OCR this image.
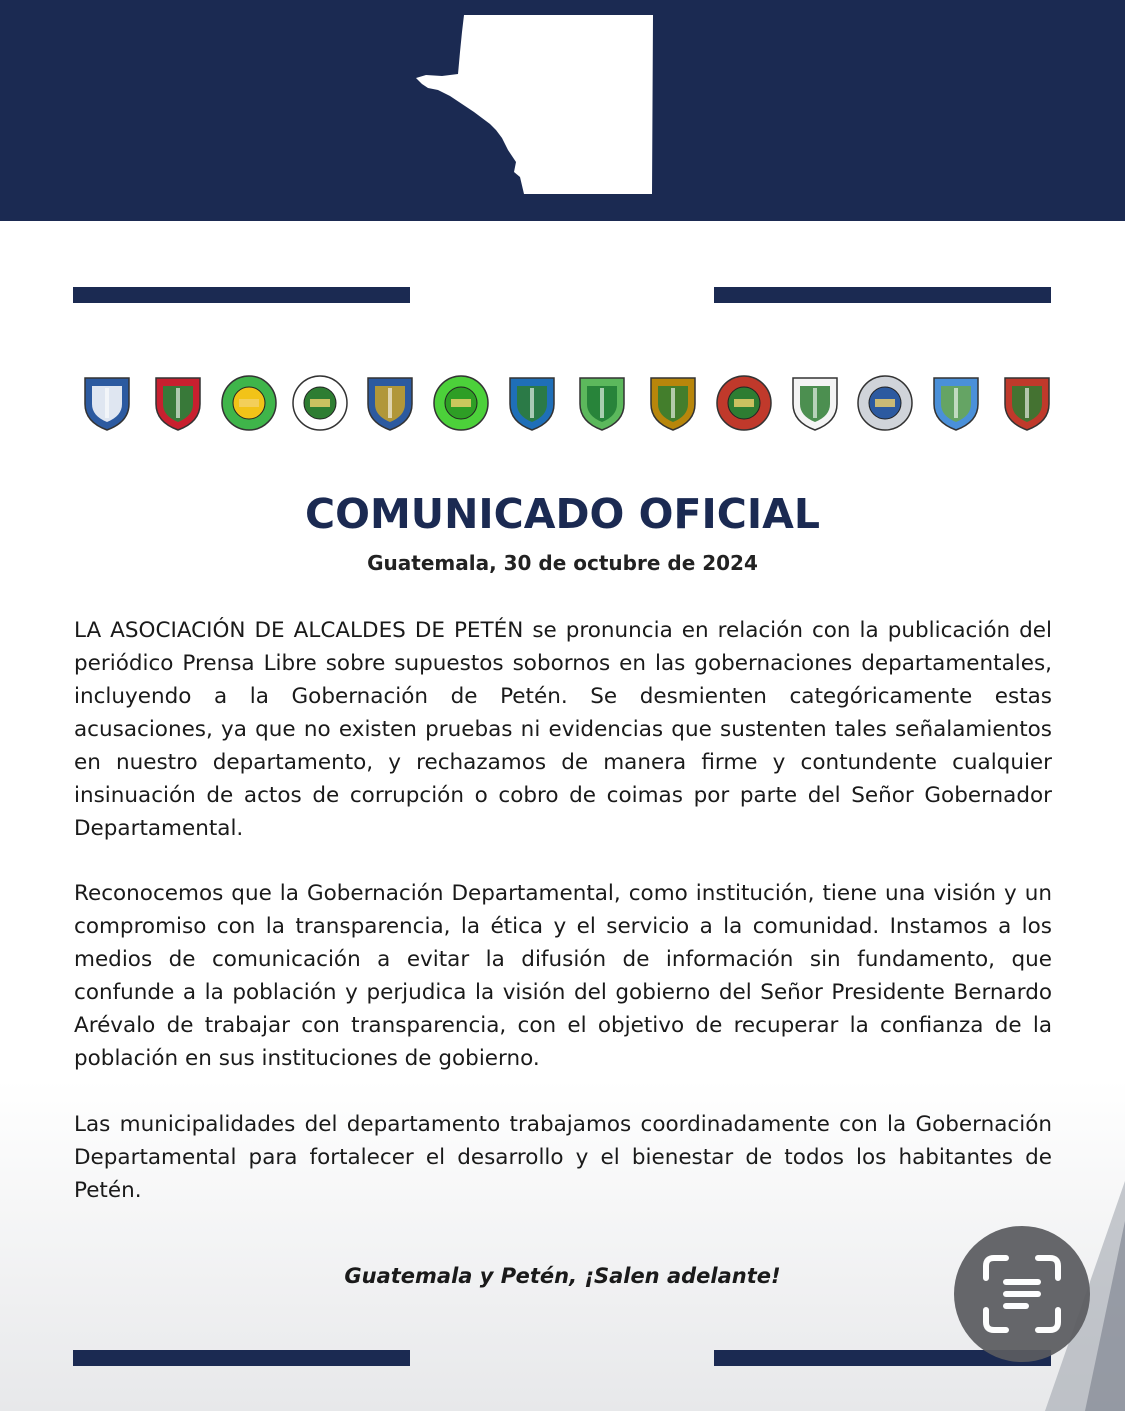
COMUNICADO OFICIAL
Guatemala, 30 de octubre de 2024

LA ASOCIACIÓN DE ALCALDES DE PETÉN se pronuncia en relación con la publicación del periódico Prensa Libre sobre supuestos sobornos en las gobernaciones departamentales, incluyendo a la Gobernación de Petén. Se desmienten categóricamente estas acusaciones, ya que no existen pruebas ni evidencias que sustenten tales señalamientos en nuestro departamento, y rechazamos de manera firme y contundente cualquier insinuación de actos de corrupción o cobro de coimas por parte del Señor Gobernador Departamental.

Reconocemos que la Gobernación Departamental, como institución, tiene una visión y un compromiso con la transparencia, la ética y el servicio a la comunidad. Instamos a los medios de comunicación a evitar la difusión de información sin fundamento, que confunde a la población y perjudica la visión del gobierno del Señor Presidente Bernardo Arévalo de trabajar con transparencia, con el objetivo de recuperar la confianza de la población en sus instituciones de gobierno.

Las municipalidades del departamento trabajamos coordinadamente con la Gobernación Departamental para fortalecer el desarrollo y el bienestar de todos los habitantes de Petén.

Guatemala y Petén, ¡Salen adelante!
